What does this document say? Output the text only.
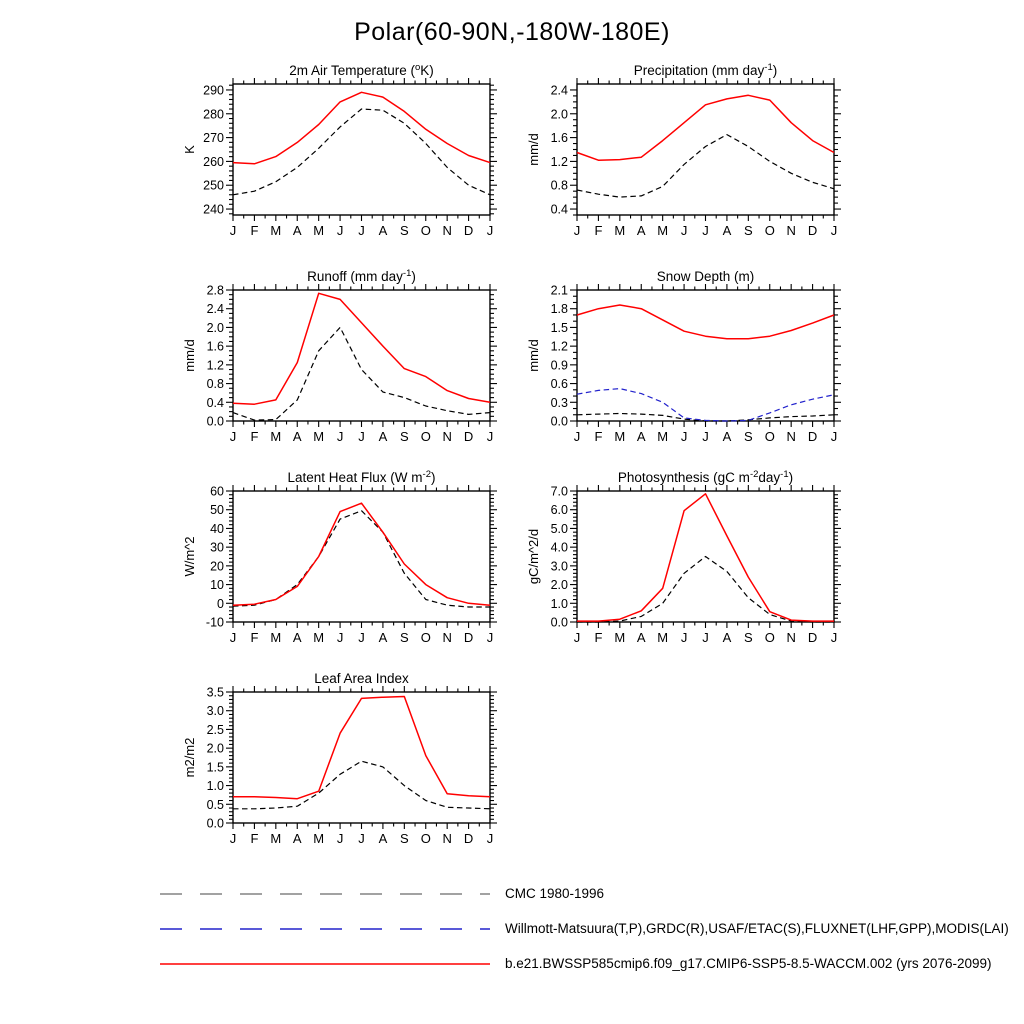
Polar(60-90N,-180W-180E)
240
250
260
270
280
290
J F M A M J J A S O N D J
2m Air Temperature ($^o$K)
K
0.4
0.8
1.2
1.6
2.0
2.4
J F M A M J J A S O N D J
Precipitation (mm day$^{-1}$)
mm/d
0.0
0.4
0.8
1.2
1.6
2.0
2.4
2.8
J F M A M J J A S O N D J
Runoff (mm day$^{-1}$)
mm/d
0.0
0.3
0.6
0.9
1.2
1.5
1.8
2.1
J F M A M J J A S O N D J
Snow Depth (m)
mm/d
-10
0
10
20
30
40
50
60
J F M A M J J A S O N D J
Latent Heat Flux (W $m^{-2}$)
W/m^2
0.0
1.0
2.0
3.0
4.0
5.0
6.0
7.0
J F M A M J J A S O N D J
Photosynthesis (gC $m^{-2}day^{-1}$)
gC/m^2/d
0.0
0.5
1.0
1.5
2.0
2.5
3.0
3.5
J F M A M J J A S O N D J
Leaf Area Index
m2/m2
CMC 1980-1996
Willmott-Matsuura(T,P),GRDC(R),USAF/ETAC(S),FLUXNET(LHF,GPP),MODIS(LAI)
b.e21.BWSSP585cmip6.f09_g17.CMIP6-SSP5-8.5-WACCM.002 (yrs 2076-2099)
